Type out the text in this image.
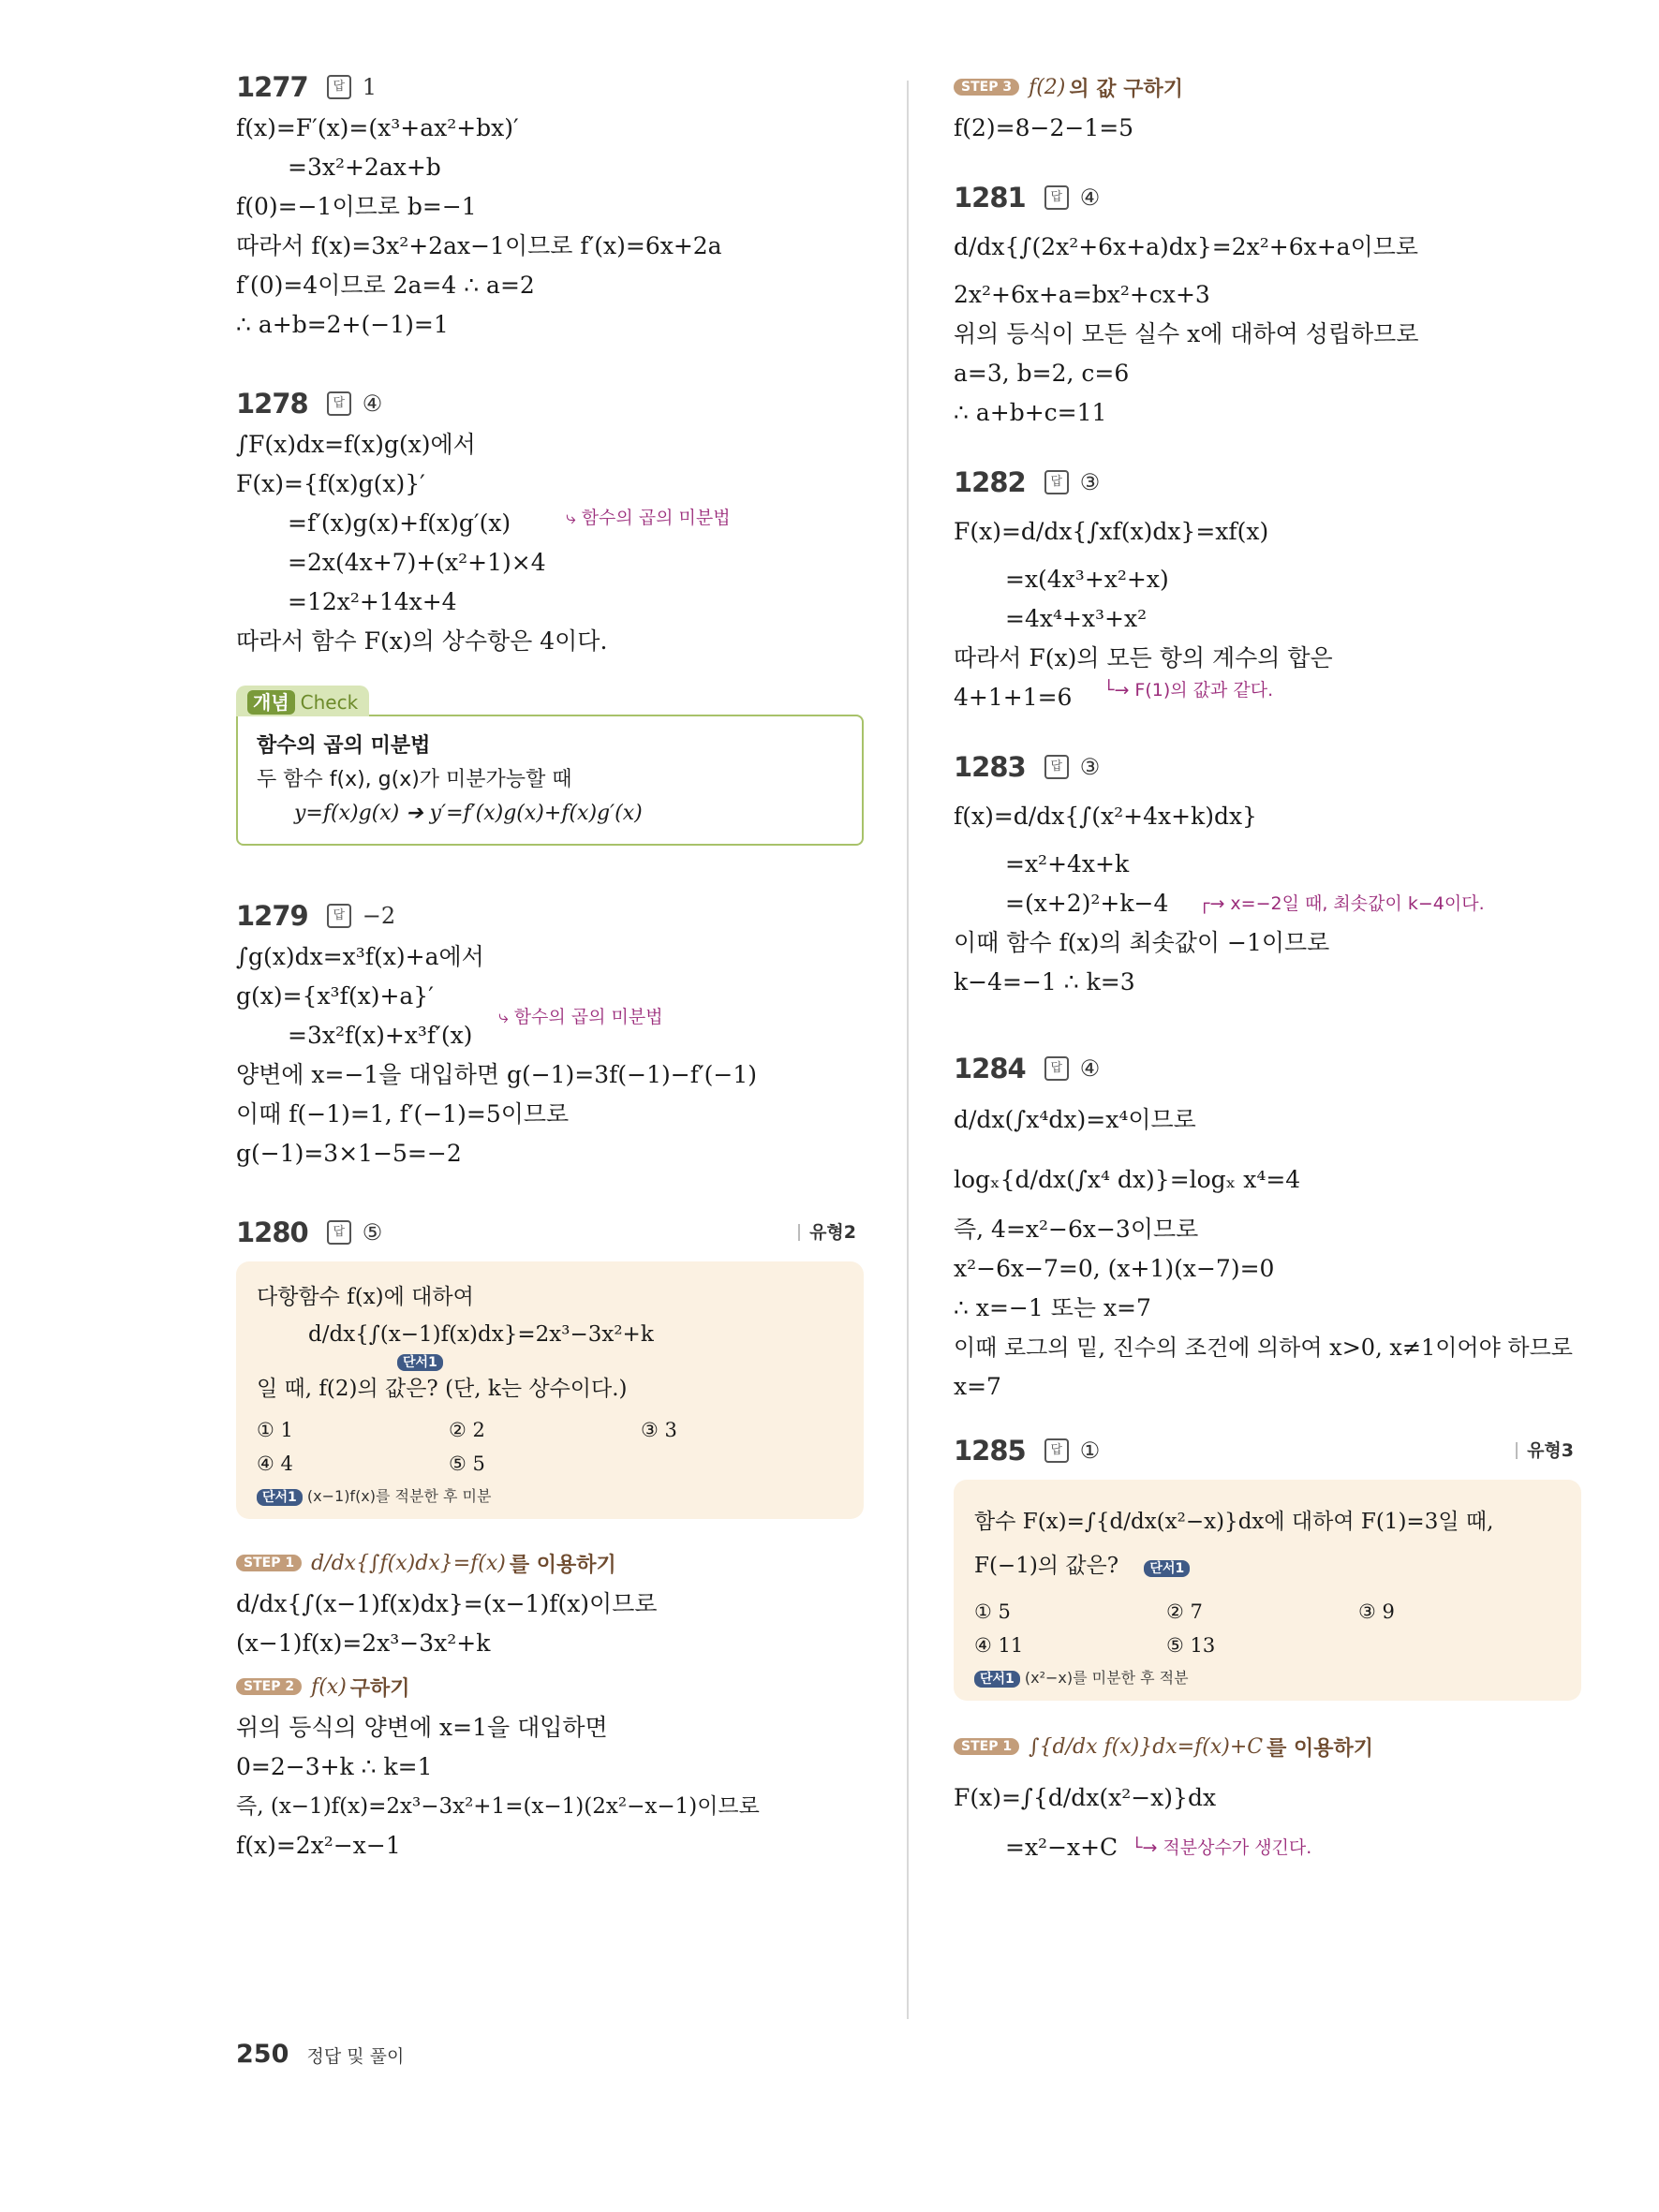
1277	답 1
f(x)=F′(x)=(x³+ax²+bx)′
=3x²+2ax+b
f(0)=−1이므로 b=−1
따라서 f(x)=3x²+2ax−1이므로 f′(x)=6x+2a
f′(0)=4이므로 2a=4 ∴ a=2
∴ a+b=2+(−1)=1
1278	답 ④
∫F(x)dx=f(x)g(x)에서
F(x)={f(x)g(x)}′
=f′(x)g(x)+f(x)g′(x)	⤷ 함수의 곱의 미분법
=2x(4x+7)+(x²+1)×4
=12x²+14x+4
따라서 함수 F(x)의 상수항은 4이다.
개념 Check
함수의 곱의 미분법
두 함수 f(x), g(x)가 미분가능할 때
y=f(x)g(x) ➔ y′=f′(x)g(x)+f(x)g′(x)
1279	답 −2
∫g(x)dx=x³f(x)+a에서
g(x)={x³f(x)+a}′
=3x²f(x)+x³f′(x)
⤷ 함수의 곱의 미분법
양변에 x=−1을 대입하면 g(−1)=3f(−1)−f′(−1)
이때 f(−1)=1, f′(−1)=5이므로
g(−1)=3×1−5=−2
1280	답 ⑤	유형2
다항함수 f(x)에 대하여
d/dx{∫(x−1)f(x)dx}=2x³−3x²+k
단서1
일 때, f(2)의 값은? (단, k는 상수이다.)
① 1	② 2	③ 3
④ 4	⑤ 5
단서1 (x−1)f(x)를 적분한 후 미분
STEP 1 d/dx{∫f(x)dx}=f(x) 를 이용하기
d/dx{∫(x−1)f(x)dx}=(x−1)f(x)이므로
(x−1)f(x)=2x³−3x²+k
STEP 2 f(x) 구하기
위의 등식의 양변에 x=1을 대입하면
0=2−3+k ∴ k=1
즉, (x−1)f(x)=2x³−3x²+1=(x−1)(2x²−x−1)이므로
f(x)=2x²−x−1
STEP 3 f(2) 의 값 구하기
f(2)=8−2−1=5
1281	답 ④
d/dx{∫(2x²+6x+a)dx}=2x²+6x+a이므로
2x²+6x+a=bx²+cx+3
위의 등식이 모든 실수 x에 대하여 성립하므로
a=3, b=2, c=6
∴ a+b+c=11
1282	답 ③
F(x)=d/dx{∫xf(x)dx}=xf(x)
=x(4x³+x²+x)
=4x⁴+x³+x²
따라서 F(x)의 모든 항의 계수의 합은
4+1+1=6 └→ F(1)의 값과 같다.
1283	답 ③
f(x)=d/dx{∫(x²+4x+k)dx}
=x²+4x+k
=(x+2)²+k−4 ┌→ x=−2일 때, 최솟값이 k−4이다.
이때 함수 f(x)의 최솟값이 −1이므로
k−4=−1 ∴ k=3
1284	답 ④
d/dx(∫x⁴dx)=x⁴이므로
logₓ{d/dx(∫x⁴ dx)}=logₓ x⁴=4
즉, 4=x²−6x−3이므로
x²−6x−7=0, (x+1)(x−7)=0
∴ x=−1 또는 x=7
이때 로그의 밑, 진수의 조건에 의하여 x>0, x≠1이어야 하므로
x=7
1285	답 ①	유형3
함수 F(x)=∫{d/dx(x²−x)}dx에 대하여 F(1)=3일 때,
F(−1)의 값은? 단서1
① 5	② 7	③ 9
④ 11	⑤ 13
단서1 (x²−x)를 미분한 후 적분
STEP 1 ∫{d/dx f(x)}dx=f(x)+C 를 이용하기
F(x)=∫{d/dx(x²−x)}dx
=x²−x+C └→ 적분상수가 생긴다.
250 정답 및 풀이
